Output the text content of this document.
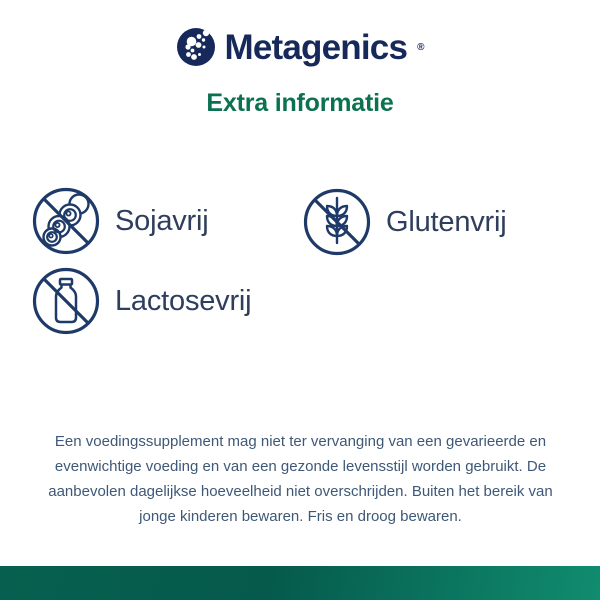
Metagenics ®
Extra informatie
Sojavrij	Glutenvrij
Lactosevrij

Een voedingssupplement mag niet ter vervanging van een gevarieerde en evenwichtige voeding en van een gezonde levensstijl worden gebruikt. De aanbevolen dagelijkse hoeveelheid niet overschrijden. Buiten het bereik van jonge kinderen bewaren. Fris en droog bewaren.
